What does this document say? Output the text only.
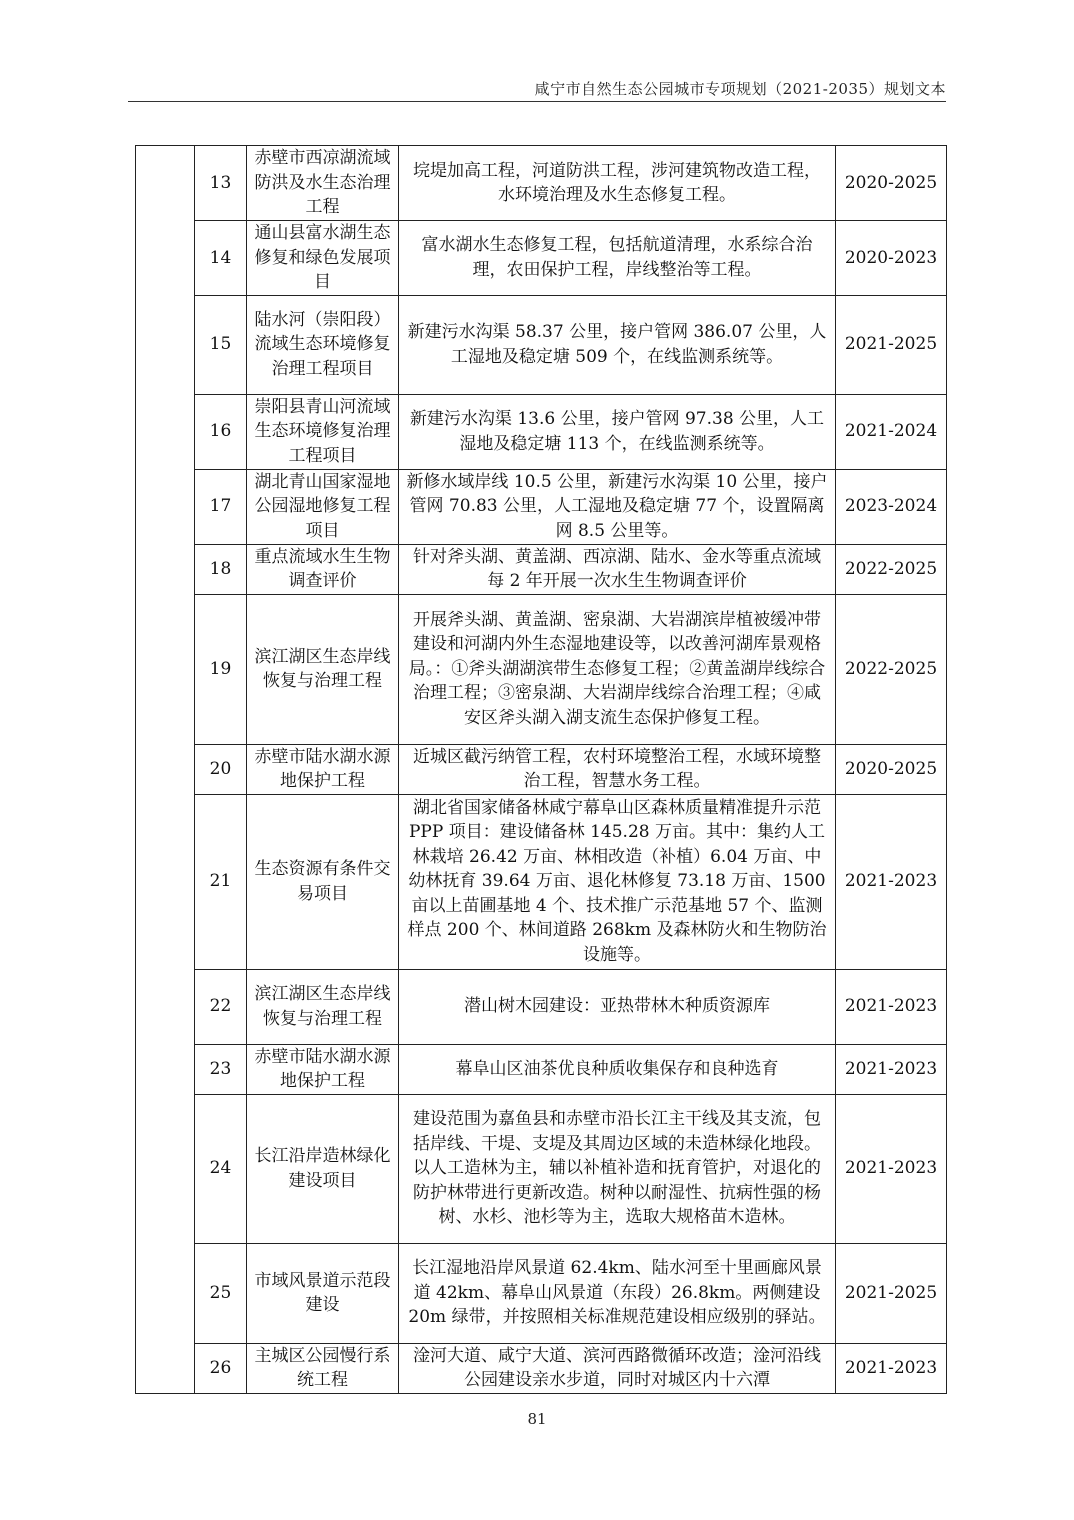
咸宁市自然生态公园城市专项规划（2021-2035）规划文本
	13	赤壁市西凉湖流域防洪及水生态治理工程	垸堤加高工程，河道防洪工程，涉河建筑物改造工程，水环境治理及水生态修复工程。	2020-2025
	14	通山县富水湖生态修复和绿色发展项目	富水湖水生态修复工程，包括航道清理，水系综合治理，农田保护工程，岸线整治等工程。	2020-2023
	15	陆水河（崇阳段）流域生态环境修复治理工程项目	新建污水沟渠 58.37 公里，接户管网 386.07 公里，人工湿地及稳定塘 509 个，在线监测系统等。	2021-2025
	16	崇阳县青山河流域生态环境修复治理工程项目	新建污水沟渠 13.6 公里，接户管网 97.38 公里，人工湿地及稳定塘 113 个，在线监测系统等。	2021-2024
	17	湖北青山国家湿地公园湿地修复工程项目	新修水域岸线 10.5 公里，新建污水沟渠 10 公里，接户管网 70.83 公里，人工湿地及稳定塘 77 个，设置隔离网 8.5 公里等。	2023-2024
	18	重点流域水生生物调查评价	针对斧头湖、黄盖湖、西凉湖、陆水、金水等重点流域每 2 年开展一次水生生物调查评价	2022-2025
	19	滨江湖区生态岸线恢复与治理工程	开展斧头湖、黄盖湖、密泉湖、大岩湖滨岸植被缓冲带建设和河湖内外生态湿地建设等，以改善河湖库景观格局。：①斧头湖湖滨带生态修复工程；②黄盖湖岸线综合治理工程；③密泉湖、大岩湖岸线综合治理工程；④咸安区斧头湖入湖支流生态保护修复工程。	2022-2025
	20	赤壁市陆水湖水源地保护工程	近城区截污纳管工程，农村环境整治工程，水域环境整治工程，智慧水务工程。	2020-2025
	21	生态资源有条件交易项目	湖北省国家储备林咸宁幕阜山区森林质量精准提升示范 PPP 项目：建设储备林 145.28 万亩。其中：集约人工林栽培 26.42 万亩、林相改造（补植）6.04 万亩、中幼林抚育 39.64 万亩、退化林修复 73.18 万亩、1500 亩以上苗圃基地 4 个、技术推广示范基地 57 个、监测样点 200 个、林间道路 268km 及森林防火和生物防治设施等。	2021-2023
	22	滨江湖区生态岸线恢复与治理工程	潜山树木园建设：亚热带林木种质资源库	2021-2023
	23	赤壁市陆水湖水源地保护工程	幕阜山区油茶优良种质收集保存和良种选育	2021-2023
	24	长江沿岸造林绿化建设项目	建设范围为嘉鱼县和赤壁市沿长江主干线及其支流，包括岸线、干堤、支堤及其周边区域的未造林绿化地段。以人工造林为主，辅以补植补造和抚育管护，对退化的防护林带进行更新改造。树种以耐湿性、抗病性强的杨树、水杉、池杉等为主，选取大规格苗木造林。	2021-2023
	25	市域风景道示范段建设	长江湿地沿岸风景道 62.4km、陆水河至十里画廊风景道 42km、幕阜山风景道（东段）26.8km。两侧建设 20m 绿带，并按照相关标准规范建设相应级别的驿站。	2021-2025
	26	主城区公园慢行系统工程	淦河大道、咸宁大道、滨河西路微循环改造；淦河沿线公园建设亲水步道，同时对城区内十六潭	2021-2023
81
